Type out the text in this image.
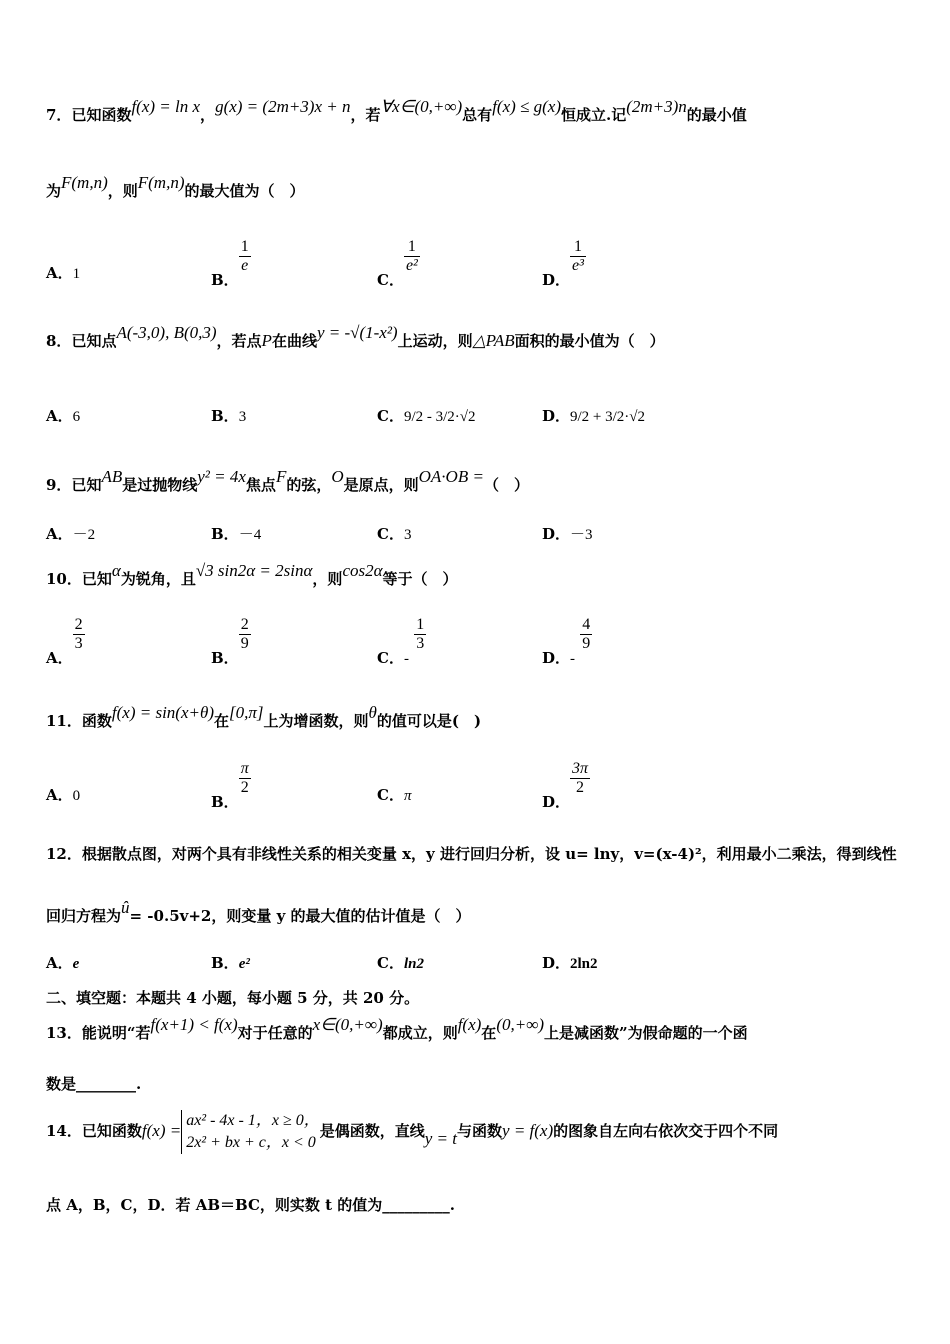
7．已知函数f(x) = ln x，g(x) = (2m+3)x + n，若∀x∈(0,+∞)总有f(x) ≤ g(x)恒成立.记(2m+3)n的最小值
为F(m,n)，则F(m,n)的最大值为（　）
A．1	B．
$\frac{1}{e}$
C．
$\frac{1}{\text{e²}}$
D．
$\frac{1}{\text{e³}}$
8．已知点A(-3,0), B(0,3)，若点P在曲线y = -√(1-x²)上运动，则△PAB面积的最小值为（　）
A．6	B．3	C．9/2 - 3/2·√2	D．9/2 + 3/2·√2
9．已知AB是过抛物线y² = 4x焦点F的弦，O是原点，则OA·OB =（　）
A．－2	B．－4	C．3	D．－3
10．已知α为锐角，且√3 sin2α = 2sinα，则cos2α等于（　）
A．
$\frac{2}{3}$
B．
$\frac{2}{9}$
C．-
$\frac{1}{3}$
D．-
$\frac{4}{9}$
11．函数f(x) = sin(x+θ)在[0,π]上为增函数，则θ的值可以是(　)
A．0	B．
$\frac{\pi}{2}$	C．π	D．
$\frac{3\pi}{2}$
12．根据散点图，对两个具有非线性关系的相关变量 x，y 进行回归分析，设 u= lny，v=(x-4)²，利用最小二乘法，得到线性
回归方程为û= -0.5v+2，则变量 y 的最大值的估计值是（　）
A．e	B．e²	C．ln2	D．2ln2
二、填空题：本题共 4 小题，每小题 5 分，共 20 分。
13．能说明“若f(x+1) < f(x)对于任意的x∈(0,+∞)都成立，则f(x)在(0,+∞)上是减函数”为假命题的一个函
数是________.
14．已知函数f(x) =
ax² - 4x - 1，x ≥ 0，
2x² + bx + c，x < 0
是偶函数，直线y = t与函数y = f(x)的图象自左向右依次交于四个不同
点 A，B，C，D．若 AB＝BC，则实数 t 的值为_________.
